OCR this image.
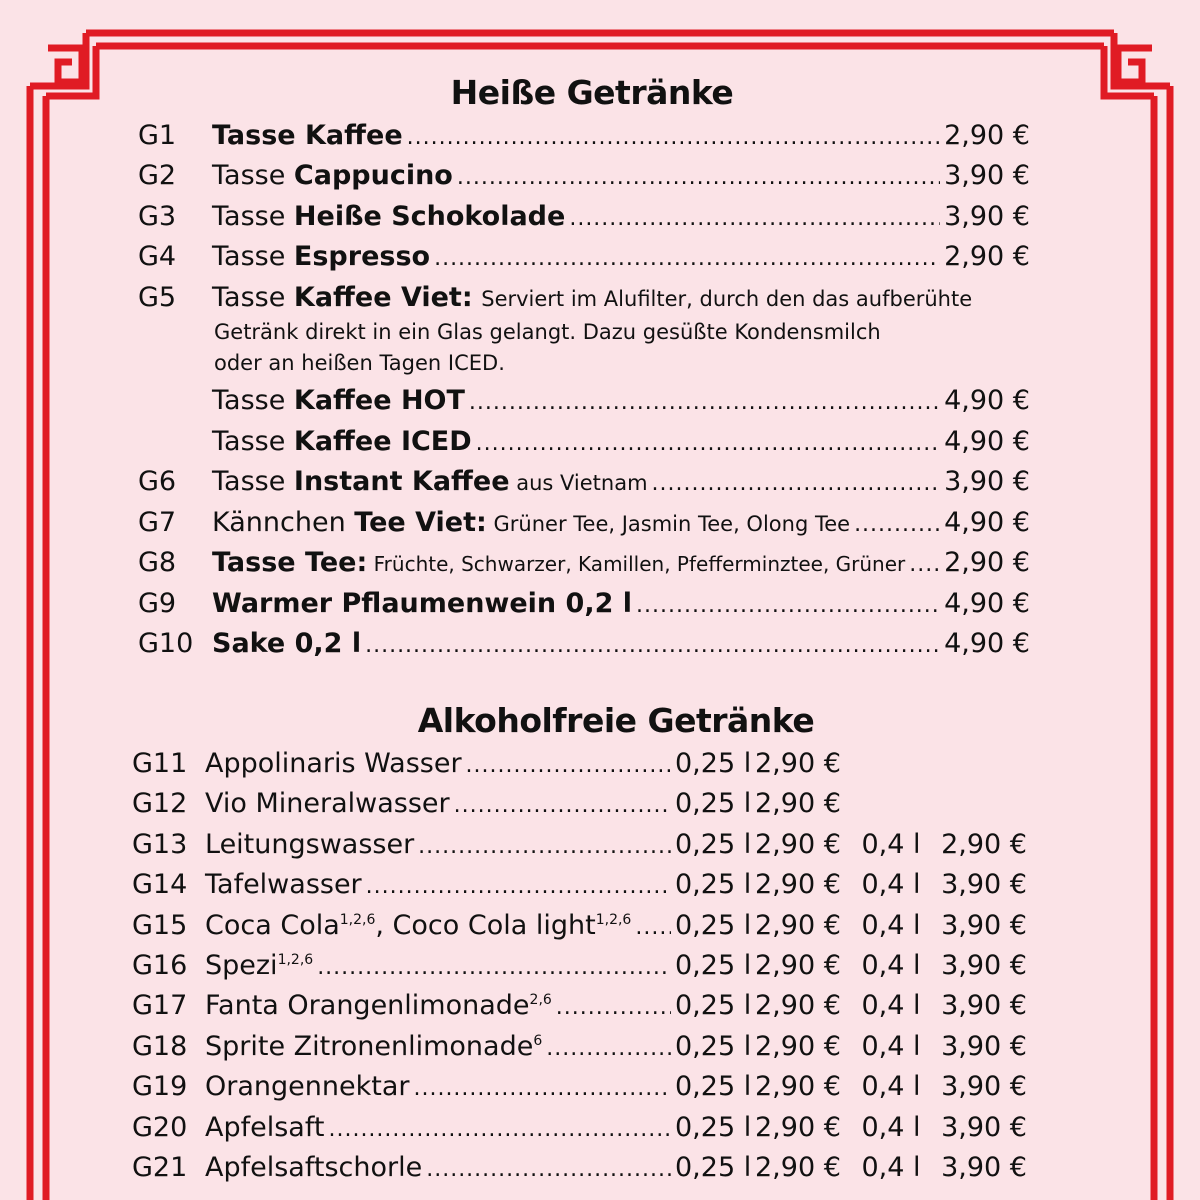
Heiße Getränke
G1	Tasse Kaffee .....	2,90 €
G2	Tasse Cappucino .....	3,90 €
G3	Tasse Heiße Schokolade .....	3,90 €
G4	Tasse Espresso .....	2,90 €
G5	Tasse Kaffee Viet: Serviert im Alufilter, durch den das aufberühte
Getränk direkt in ein Glas gelangt. Dazu gesüßte Kondensmilch
oder an heißen Tagen ICED.
Tasse Kaffee HOT .....	4,90 €
Tasse Kaffee ICED .....	4,90 €
G6	Tasse Instant Kaffee aus Vietnam .....	3,90 €
G7	Kännchen Tee Viet: Grüner Tee, Jasmin Tee, Olong Tee .....	4,90 €
G8	Tasse Tee: Früchte, Schwarzer, Kamillen, Pfefferminztee, Grüner ..... 2,90 €
G9	Warmer Pflaumenwein 0,2 l .....	4,90 €
G10 Sake 0,2 l .....	4,90 €
Alkoholfreie Getränke
G11 Appolinaris Wasser .....	0,25 l 2,90 €
G12 Vio Mineralwasser .....	0,25 l 2,90 €
G13 Leitungswasser .....	0,25 l 2,90 € 0,4 l 2,90 €
G14 Tafelwasser .....	0,25 l 2,90 € 0,4 l 3,90 €
G15 Coca Cola$^{1,2,6}$, Coco Cola light$^{1,2,6}$ ..... 0,25 l 2,90 € 0,4 l 3,90 €
G16 Spezi$^{1,2,6}$ .....	0,25 l 2,90 € 0,4 l 3,90 €
G17 Fanta Orangenlimonade$^{2,6}$ .....	0,25 l 2,90 € 0,4 l 3,90 €
G18 Sprite Zitronenlimonade$^6$ .....	0,25 l 2,90 € 0,4 l 3,90 €
G19 Orangennektar .....	0,25 l 2,90 € 0,4 l 3,90 €
G20 Apfelsaft .....	0,25 l 2,90 € 0,4 l 3,90 €
G21 Apfelsaftschorle .....	0,25 l 2,90 € 0,4 l 3,90 €
